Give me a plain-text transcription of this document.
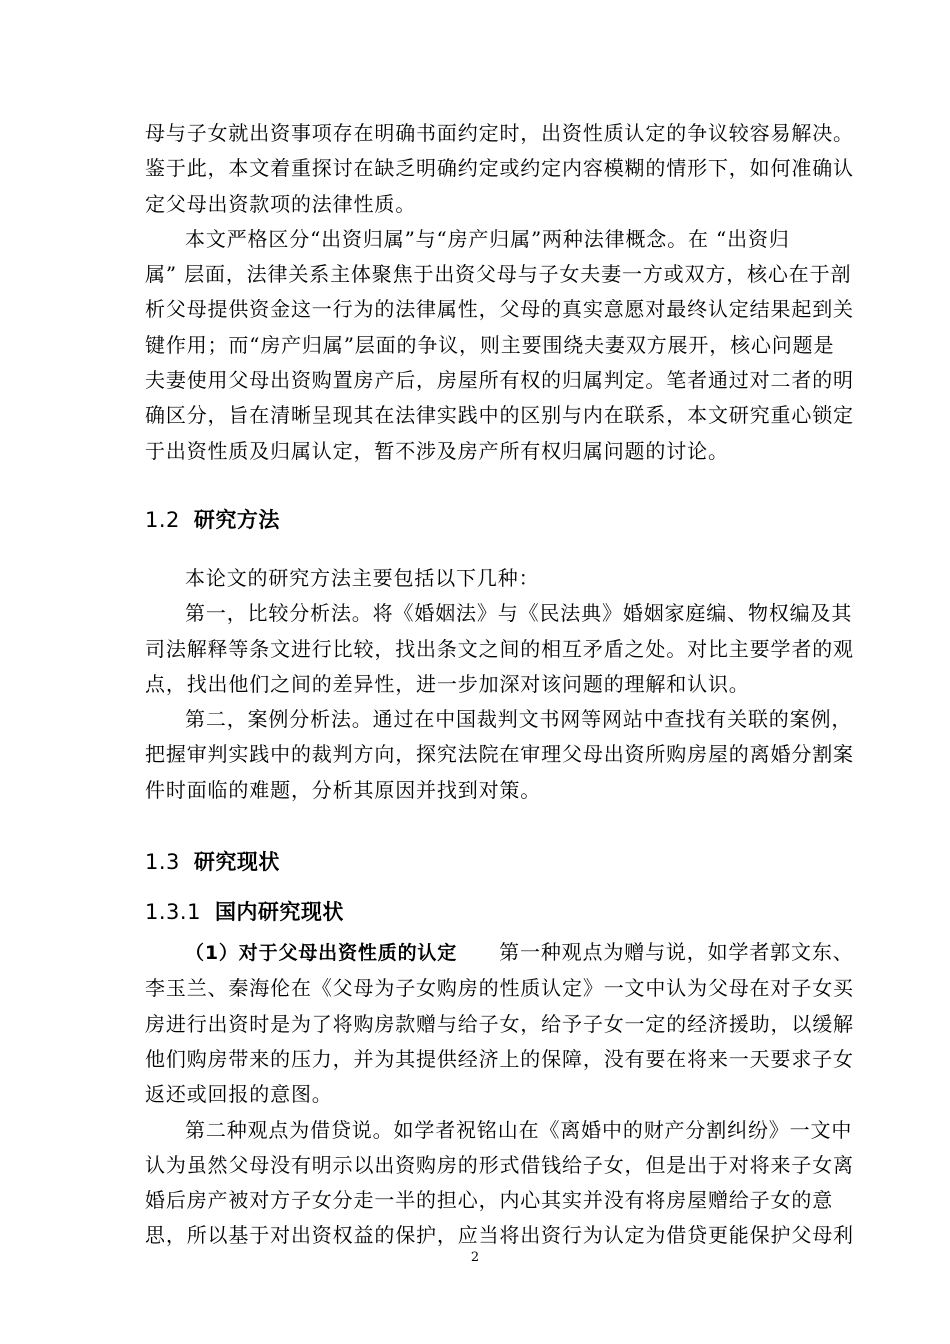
母与子女就出资事项存在明确书面约定时，出资性质认定的争议较容易解决。
鉴于此，本文着重探讨在缺乏明确约定或约定内容模糊的情形下，如何准确认
定父母出资款项的法律性质。

本文严格区分“出资归属”与“房产归属”两种法律概念。在 “出资归
属” 层面，法律关系主体聚焦于出资父母与子女夫妻一方或双方，核心在于剖
析父母提供资金这一行为的法律属性，父母的真实意愿对最终认定结果起到关
键作用；而“房产归属”层面的争议，则主要围绕夫妻双方展开，核心问题是
夫妻使用父母出资购置房产后，房屋所有权的归属判定。笔者通过对二者的明
确区分，旨在清晰呈现其在法律实践中的区别与内在联系，本文研究重心锁定
于出资性质及归属认定，暂不涉及房产所有权归属问题的讨论。

1.2 研究方法

本论文的研究方法主要包括以下几种：

第一，比较分析法。将《婚姻法》与《民法典》婚姻家庭编、物权编及其
司法解释等条文进行比较，找出条文之间的相互矛盾之处。对比主要学者的观
点，找出他们之间的差异性，进一步加深对该问题的理解和认识。

第二，案例分析法。通过在中国裁判文书网等网站中查找有关联的案例，
把握审判实践中的裁判方向，探究法院在审理父母出资所购房屋的离婚分割案
件时面临的难题，分析其原因并找到对策。

1.3 研究现状
1.3.1 国内研究现状

（1）对于父母出资性质的认定 第一种观点为赠与说，如学者郭文东、
李玉兰、秦海伦在《父母为子女购房的性质认定》一文中认为父母在对子女买
房进行出资时是为了将购房款赠与给子女，给予子女一定的经济援助，以缓解
他们购房带来的压力，并为其提供经济上的保障，没有要在将来一天要求子女
返还或回报的意图。

第二种观点为借贷说。如学者祝铭山在《离婚中的财产分割纠纷》一文中
认为虽然父母没有明示以出资购房的形式借钱给子女，但是出于对将来子女离
婚后房产被对方子女分走一半的担心，内心其实并没有将房屋赠给子女的意
思，所以基于对出资权益的保护，应当将出资行为认定为借贷更能保护父母利

2
